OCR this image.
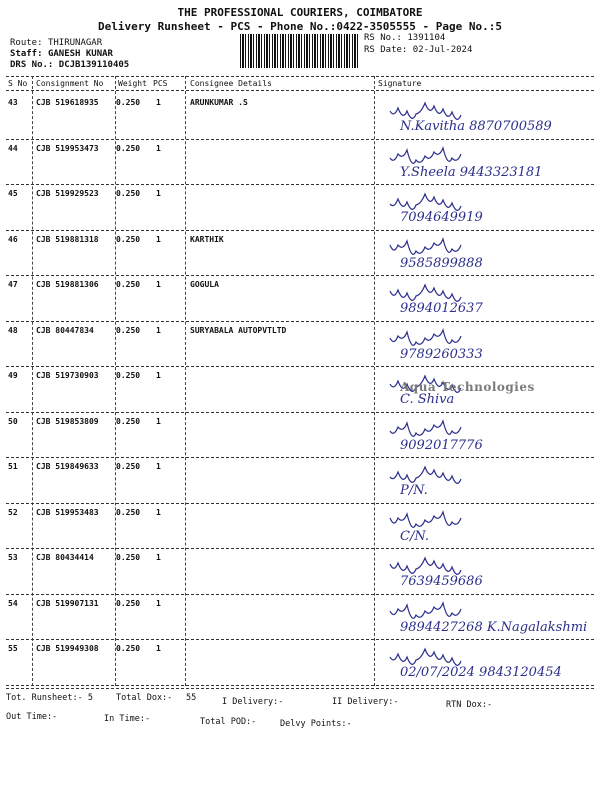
THE PROFESSIONAL COURIERS, COIMBATORE
Delivery Runsheet - PCS - Phone No.:0422-3505555 - Page No.:5
Route: THIRUNAGAR
Staff: GANESH KUNAR
DRS No.: DCJB139110405
RS No.: 1391104
RS Date: 02-Jul-2024
S No Consignment No Weight PCS	Consignee Details	Signature
43 CJB 519618935 0.250 1	ARUNKUMAR .S
N.Kavitha 8870700589
44 CJB 519953473 0.250 1
Y.Sheela 9443323181
45 CJB 519929523 0.250 1
7094649919
46 CJB 519881318 0.250 1	KARTHIK
9585899888
47 CJB 519881306 0.250 1	GOGULA
9894012637
48 CJB 80447834	0.250 1	SURYABALA AUTOPVTLTD
9789260333
49 CJB 519730903 0.250 1
C. Shiva
50 CJB 519853809 0.250 1
9092017776
51 CJB 519849633 0.250 1
P/N.
52 CJB 519953483 0.250 1
C/N.
53 CJB 80434414	0.250 1
7639459686
54 CJB 519907131 0.250 1
9894427268 K.Nagalakshmi
55 CJB 519949308 0.250 1
02/07/2024 9843120454
Aqua Technologies
Tot. Runsheet:- 5	Total Dox:- 55	I Delivery:-	II Delivery:-	RTN Dox:-
Out Time:-	In Time:-	Total POD:-	Delvy Points:-
